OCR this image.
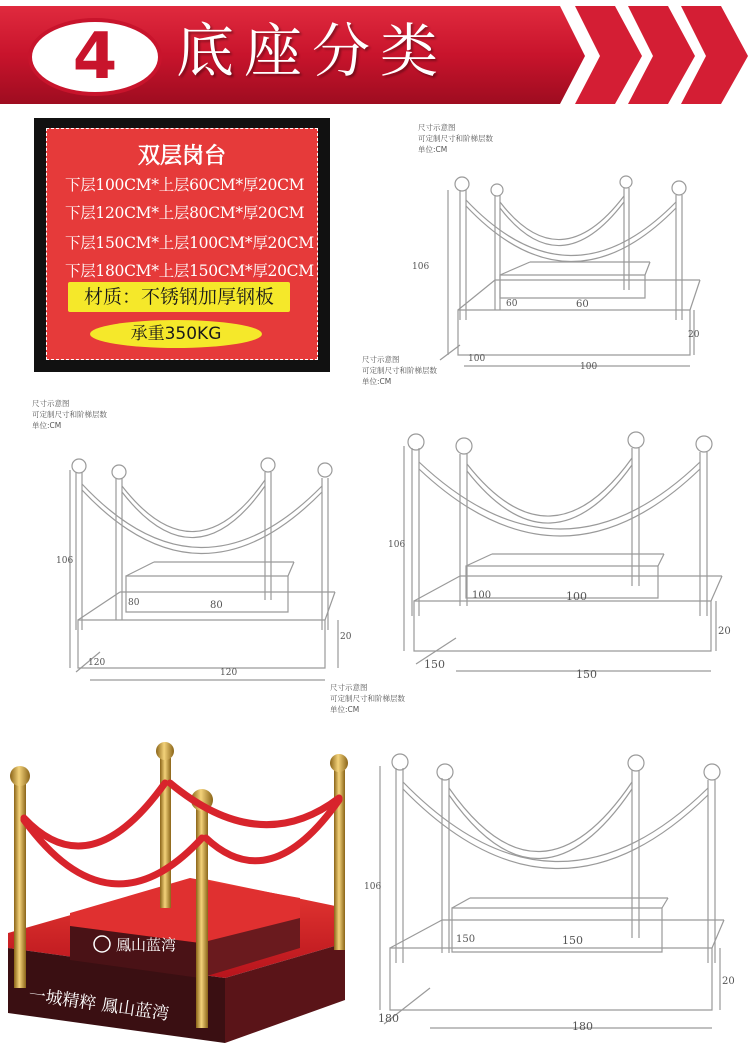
4 底座分类
双层岗台
下层100CM*上层60CM*厚20CM
下层120CM*上层80CM*厚20CM
下层150CM*上层100CM*厚20CM
下层180CM*上层150CM*厚20CM
材质：不锈钢加厚钢板
承重350KG
尺寸示意图
可定制尺寸和阶梯层数
单位:CM
106
60	60
20
100
100
尺寸示意图
可定制尺寸和阶梯层数
单位:CM
106
80	80
20
120
120
尺寸示意图
可定制尺寸和阶梯层数
单位:CM
106
100	100
20
150
150
尺寸示意图
可定制尺寸和阶梯层数
单位:CM
106
150	150
20
180
180
鳳山蓝湾
一城精粹 鳳山蓝湾
